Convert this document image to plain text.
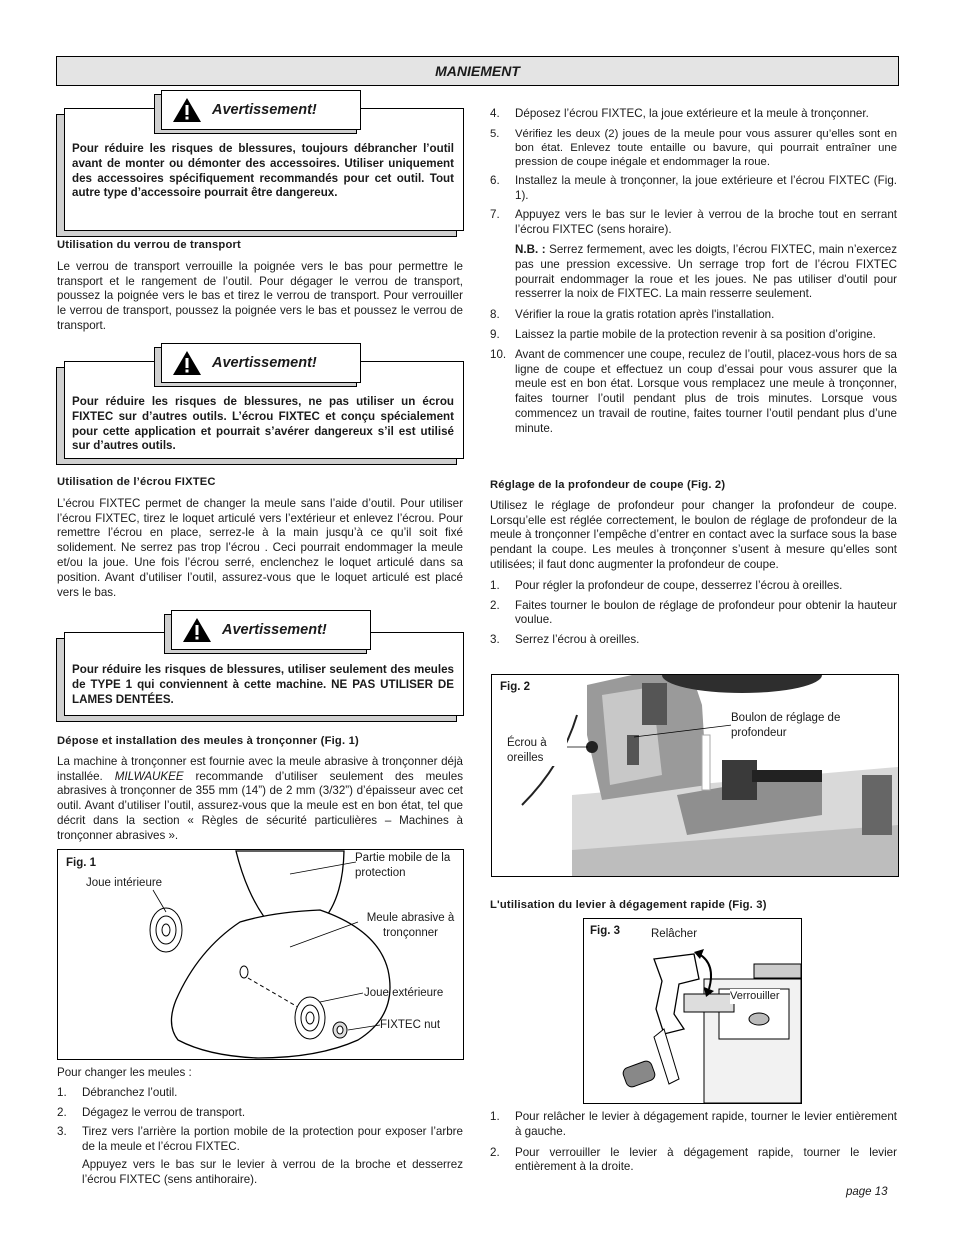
MANIEMENT
Avertissement!
Pour réduire les risques de blessures, toujours débrancher l’outil avant de monter ou démonter des accessoires. Utiliser uniquement des accessoires spécifiquement recommandés pour cet outil. Tout autre type d’accessoire pourrait être dangereux.
Utilisation du verrou de transport

Le verrou de transport verrouille la poignée vers le bas pour permettre le transport et le rangement de l’outil. Pour dégager le verrou de transport, poussez la poignée vers le bas et tirez le verrou de transport. Pour verrouiller le verrou de transport, poussez la poignée vers le bas et poussez le verrou de transport.

Avertissement!
Pour réduire les risques de blessures, ne pas utiliser un écrou FIXTEC sur d’autres outils. L’écrou FIXTEC et conçu spécialement pour cette application et pourrait s’avérer dangereux s’il est utilisé sur d’autres outils.
Utilisation de l’écrou FIXTEC

L’écrou FIXTEC permet de changer la meule sans l’aide d’outil. Pour utiliser l’écrou FIXTEC, tirez le loquet articulé vers l’extérieur et enlevez l’écrou. Pour remettre l’écrou en place, serrez-le à la main jusqu’à ce qu’il soit fixé solidement. Ne serrez pas trop l’écrou . Ceci pourrait endommager la meule et/ou la joue. Une fois l’écrou serré, enclenchez le loquet articulé dans sa position. Avant d’utiliser l’outil, assurez-vous que le loquet articulé est placé vers le bas.

Avertissement!
Pour réduire les risques de blessures, utiliser seulement des meules de TYPE 1 qui conviennent à cette machine. NE PAS UTILISER DE LAMES DENTÉES.
Dépose et installation des meules à tronçonner (Fig. 1)

La machine à tronçonner est fournie avec la meule abrasive à tronçonner déjà installée. MILWAUKEE recommande d’utiliser seulement des meules abrasives à tronçonner de 355 mm (14”) de 2 mm (3/32”) d’épaisseur avec cet outil. Avant d’utiliser l’outil, assurez-vous que la meule est en bon état, tel que décrit dans la section « Règles de sécurité particulières – Machines à tronçonner abrasives ».

Fig. 1
Joue intérieure
Partie mobile de la protection
Meule abrasive à tronçonner
Joue extérieure
FIXTEC nut

Pour changer les meules :

1. Débranchez l’outil.
2. Dégagez le verrou de transport.
3. Tirez vers l’arrière la portion mobile de la protection pour exposer l’arbre de la meule et l’écrou FIXTEC.
Appuyez vers le bas sur le levier à verrou de la broche et desserrez l’écrou FIXTEC (sens antihoraire).
4. Déposez l’écrou FIXTEC, la joue extérieure et la meule à tronçonner.
5. Vérifiez les deux (2) joues de la meule pour vous assurer qu’elles sont en bon état. Enlevez toute entaille ou bavure, qui pourrait entraîner une pression de coupe inégale et endommager la roue.
6. Installez la meule à tronçonner, la joue extérieure et l’écrou FIXTEC (Fig. 1).
7. Appuyez vers le bas sur le levier à verrou de la broche tout en serrant l’écrou FIXTEC (sens horaire).
N.B. : Serrez fermement, avec les doigts, l’écrou FIXTEC, main n’exercez pas une pression excessive. Un serrage trop fort de l’écrou FIXTEC pourrait endommager la roue et les joues. Ne pas utiliser d'outil pour resserrer la noix de FIXTEC. La main resserre seulement.
8. Vérifier la roue la gratis rotation après l'installation.
9. Laissez la partie mobile de la protection revenir à sa position d’origine.
10. Avant de commencer une coupe, reculez de l’outil, placez-vous hors de sa ligne de coupe et effectuez un coup d’essai pour vous assurer que la meule est en bon état. Lorsque vous remplacez une meule à tronçonner, faites tourner l’outil pendant plus de trois minutes. Lorsque vous commencez un travail de routine, faites tourner l’outil pendant plus d’une minute.
Réglage de la profondeur de coupe (Fig. 2)

Utilisez le réglage de profondeur pour changer la profondeur de coupe. Lorsqu’elle est réglée correctement, le boulon de réglage de profondeur de la meule à tronçonner l’empêche d’entrer en contact avec la surface sous la base pendant la coupe. Les meules à tronçonner s’usent à mesure qu’elles sont utilisées; il faut donc augmenter la profondeur de coupe.

1. Pour régler la profondeur de coupe, desserrez l’écrou à oreilles.
2. Faites tourner le boulon de réglage de profondeur pour obtenir la hauteur voulue.
3. Serrez l’écrou à oreilles.
Fig. 2
Boulon de réglage de profondeur
Écrou à oreilles
L'utilisation du levier à dégagement rapide (Fig. 3)
Fig. 3	Relâcher
Verrouiller
1. Pour relâcher le levier à dégagement rapide, tourner le levier entièrement à gauche.
2. Pour verrouiller le levier à dégagement rapide, tourner le levier entièrement à la droite.
page 13
